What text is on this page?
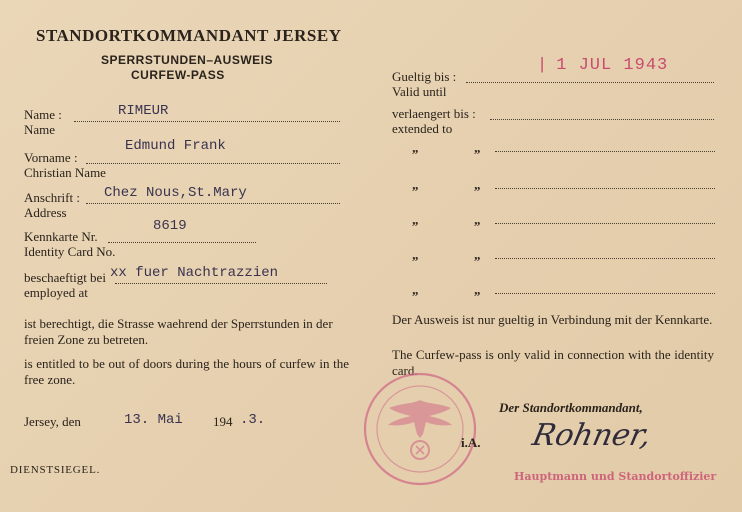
STANDORTKOMMANDANT JERSEY
SPERRSTUNDEN–AUSWEIS
CURFEW-PASS
Name :	RIMEUR
Name
Vorname :
Edmund Frank
Christian Name
Anschrift : Chez Nous,St.Mary
Address
8619
Kennkarte Nr.
Identity Card No.
beschaeftigt bei xx fuer Nachtrazzien
employed at
ist berechtigt, die Strasse waehrend der Sperrstunden in der freien Zone zu betreten.
is entitled to be out of doors during the hours of curfew in the free zone.
Jersey, den	13. Mai 194 .3.
DIENSTSIEGEL.
Gueltig bis :
| 1 JUL 1943
Valid until
verlaengert bis :
extended to
„	„
„	„
„	„
„	„
„	„
Der Ausweis ist nur gueltig in Verbindung mit der Kennkarte.
The Curfew-pass is only valid in connection with the identity card.
Der Standortkommandant,
i.A. Rohner,
Hauptmann und Standortoffizier
